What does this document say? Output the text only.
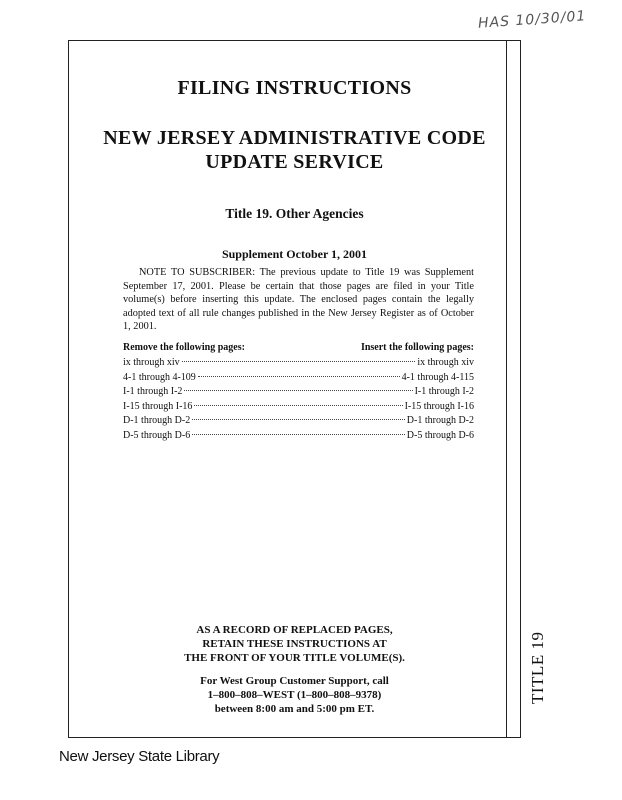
HAS 10/30/01
FILING INSTRUCTIONS
NEW JERSEY ADMINISTRATIVE CODE
UPDATE SERVICE
Title 19. Other Agencies
Supplement October 1, 2001
NOTE TO SUBSCRIBER: The previous update to Title 19 was Supplement September 17, 2001. Please be certain that those pages are filed in your Title volume(s) before inserting this update. The enclosed pages contain the legally adopted text of all rule changes published in the New Jersey Register as of October 1, 2001.
Remove the following pages:	Insert the following pages:
ix through xiv	ix through xiv
4-1 through 4-109	4-1 through 4-115
I-1 through I-2	I-1 through I-2
I-15 through I-16	I-15 through I-16
D-1 through D-2	D-1 through D-2
D-5 through D-6	D-5 through D-6
AS A RECORD OF REPLACED PAGES,
RETAIN THESE INSTRUCTIONS AT
THE FRONT OF YOUR TITLE VOLUME(S).
For West Group Customer Support, call
1–800–808–WEST (1–800–808–9378)
between 8:00 am and 5:00 pm ET.
TITLE 19
New Jersey State Library
